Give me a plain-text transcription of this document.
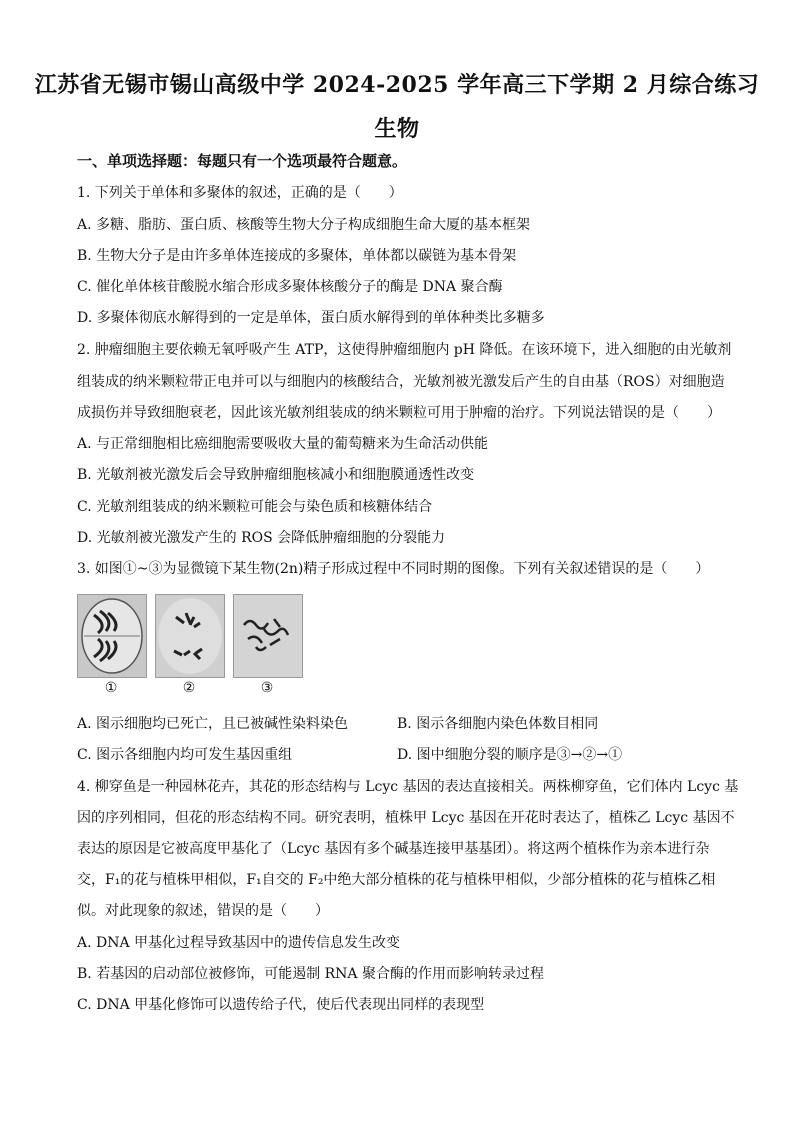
江苏省无锡市锡山高级中学 2024-2025 学年高三下学期 2 月综合练习
生物
一、单项选择题：每题只有一个选项最符合题意。
1. 下列关于单体和多聚体的叙述，正确的是（　　）
A. 多糖、脂肪、蛋白质、核酸等生物大分子构成细胞生命大厦的基本框架
B. 生物大分子是由许多单体连接成的多聚体，单体都以碳链为基本骨架
C. 催化单体核苷酸脱水缩合形成多聚体核酸分子的酶是 DNA 聚合酶
D. 多聚体彻底水解得到的一定是单体，蛋白质水解得到的单体种类比多糖多
2. 肿瘤细胞主要依赖无氧呼吸产生 ATP，这使得肿瘤细胞内 pH 降低。在该环境下，进入细胞的由光敏剂
组装成的纳米颗粒带正电并可以与细胞内的核酸结合，光敏剂被光激发后产生的自由基（ROS）对细胞造
成损伤并导致细胞衰老，因此该光敏剂组装成的纳米颗粒可用于肿瘤的治疗。下列说法错误的是（　　）
A. 与正常细胞相比癌细胞需要吸收大量的葡萄糖来为生命活动供能
B. 光敏剂被光激发后会导致肿瘤细胞核减小和细胞膜通透性改变
C. 光敏剂组装成的纳米颗粒可能会与染色质和核糖体结合
D. 光敏剂被光激发产生的 ROS 会降低肿瘤细胞的分裂能力
3. 如图①~③为显微镜下某生物(2n)精子形成过程中不同时期的图像。下列有关叙述错误的是（　　）
①	②	③
A. 图示细胞均已死亡，且已被碱性染料染色	B. 图示各细胞内染色体数目相同
C. 图示各细胞内均可发生基因重组	D. 图中细胞分裂的顺序是③→②→①
4. 柳穿鱼是一种园林花卉，其花的形态结构与 Lcyc 基因的表达直接相关。两株柳穿鱼，它们体内 Lcyc 基
因的序列相同，但花的形态结构不同。研究表明，植株甲 Lcyc 基因在开花时表达了，植株乙 Lcyc 基因不
表达的原因是它被高度甲基化了（Lcyc 基因有多个碱基连接甲基基团）。将这两个植株作为亲本进行杂
交，F₁的花与植株甲相似，F₁自交的 F₂中绝大部分植株的花与植株甲相似，少部分植株的花与植株乙相
似。对此现象的叙述，错误的是（　　）
A. DNA 甲基化过程导致基因中的遗传信息发生改变
B. 若基因的启动部位被修饰，可能遏制 RNA 聚合酶的作用而影响转录过程
C. DNA 甲基化修饰可以遗传给子代，使后代表现出同样的表现型
